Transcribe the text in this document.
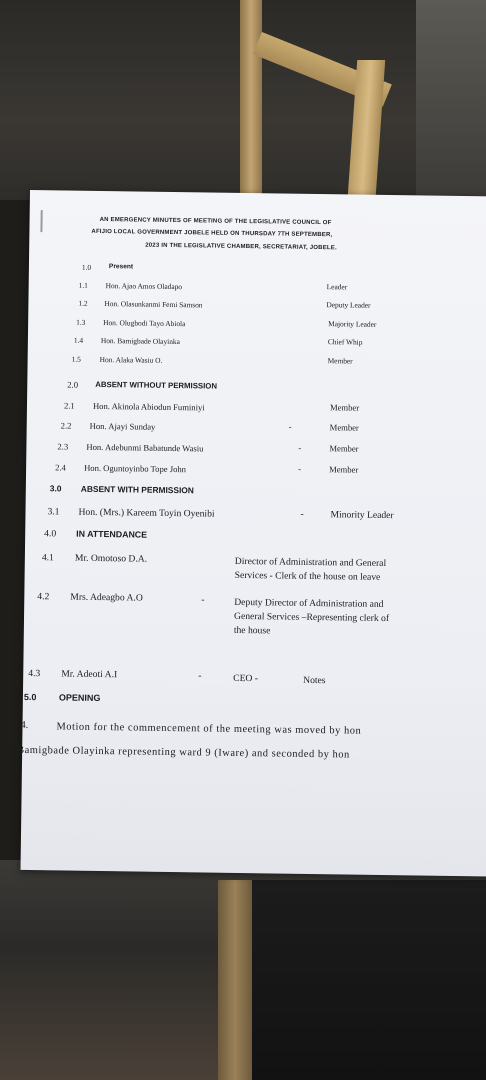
AN EMERGENCY MINUTES OF MEETING OF THE LEGISLATIVE COUNCIL OF
AFIJIO LOCAL GOVERNMENT JOBELE HELD ON THURSDAY 7TH SEPTEMBER,
2023 IN THE LEGISLATIVE CHAMBER, SECRETARIAT, JOBELE.
1.0	Present
1.1 Hon. Ajao Amos Oladapo	Leader
1.2 Hon. Olasunkanmi Femi Samson	Deputy Leader
1.3 Hon. Olugbodi Tayo Abiola	Majority Leader
1.4 Hon. Bamigbade Olayinka	Chief Whip
1.5	Hon. Alaka Wasiu O.	Member
2.0 ABSENT WITHOUT PERMISSION
2.1 Hon. Akinola Abiodun Fuminiyi	Member
2.2 Hon. Ajayi Sunday	-	Member
2.3 Hon. Adebunmi Babatunde Wasiu	-	Member
2.4 Hon. Oguntoyinbo Tope John	-	Member
3.0 ABSENT WITH PERMISSION
3.1 Hon. (Mrs.) Kareem Toyin Oyenibi	-	Minority Leader
4.0 IN ATTENDANCE
4.1 Mr. Omotoso D.A.	Director of Administration and General
Services - Clerk of the house on leave
4.2 Mrs. Adeagbo A.O	-	Deputy Director of Administration and
General Services –Representing clerk of
the house
4.3 Mr. Adeoti A.I	-	CEO -	Notes
5.0 OPENING
4.	Motion for the commencement of the meeting was moved by hon
Bamigbade Olayinka representing ward 9 (Iware) and seconded by hon
